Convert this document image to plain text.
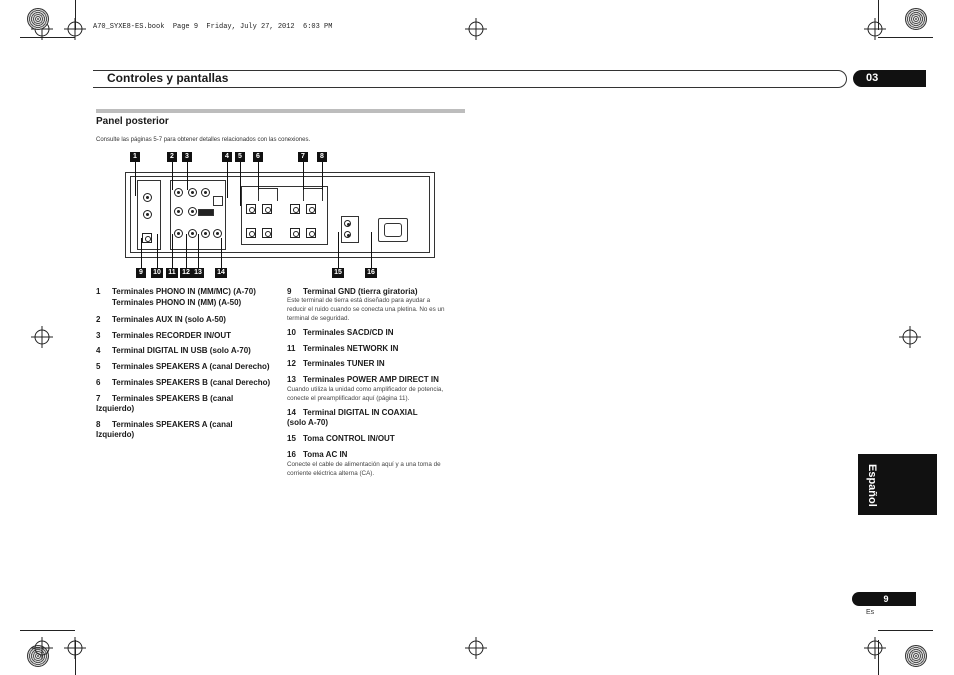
A70_SYXE8-ES.book  Page 9  Friday, July 27, 2012  6:03 PM
Controles y pantallas	03
Panel posterior
Consulte las páginas 5-7 para obtener detalles relacionados con las conexiones.
1	2	3	4	5	6	7	8
9	10	11 12 13	14	15	16
1 Terminales PHONO IN (MM/MC) (A-70)
Terminales PHONO IN (MM) (A-50)
2 Terminales AUX IN (solo A-50)
3 Terminales RECORDER IN/OUT
4 Terminal DIGITAL IN USB (solo A-70)
5 Terminales SPEAKERS A (canal Derecho)
6 Terminales SPEAKERS B (canal Derecho)
7 Terminales SPEAKERS B (canal
Izquierdo)
8 Terminales SPEAKERS A (canal
Izquierdo)
9 Terminal GND (tierra giratoria)
Este terminal de tierra está diseñado para ayudar a
reducir el ruido cuando se conecta una pletina. No es un
terminal de seguridad.
10 Terminales SACD/CD IN
11 Terminales NETWORK IN
12 Terminales TUNER IN
13 Terminales POWER AMP DIRECT IN
Cuando utiliza la unidad como amplificador de potencia,
conecte el preamplificador aquí (página 11).
14 Terminal DIGITAL IN COAXIAL
(solo A-70)
15 Toma CONTROL IN/OUT
16 Toma AC IN
Conecte el cable de alimentación aquí y a una toma de
corriente eléctrica alterna (CA).	Español
9
Es
